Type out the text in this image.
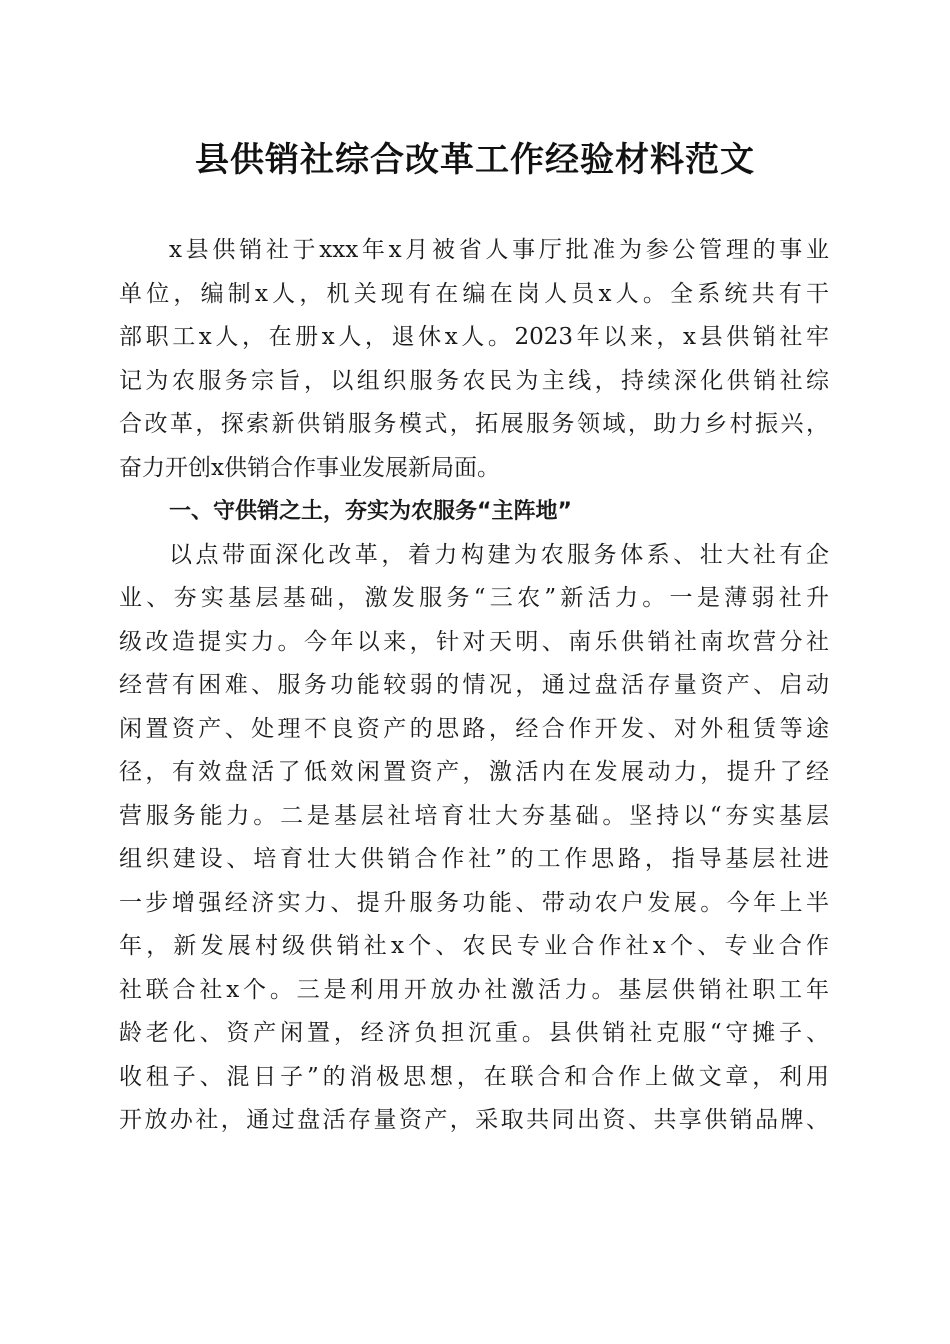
县供销社综合改革工作经验材料范文
x县供销社于xxx年x月被省人事厅批准为参公管理的事业
单位，编制x人，机关现有在编在岗人员x人。全系统共有干
部职工x人，在册x人，退休x人。2023年以来，x县供销社牢
记为农服务宗旨，以组织服务农民为主线，持续深化供销社综
合改革，探索新供销服务模式，拓展服务领域，助力乡村振兴，
奋力开创x供销合作事业发展新局面。
一、守供销之土，夯实为农服务“主阵地”
以点带面深化改革，着力构建为农服务体系、壮大社有企
业、夯实基层基础，激发服务“三农”新活力。一是薄弱社升
级改造提实力。今年以来，针对天明、南乐供销社南坎营分社
经营有困难、服务功能较弱的情况，通过盘活存量资产、启动
闲置资产、处理不良资产的思路，经合作开发、对外租赁等途
径，有效盘活了低效闲置资产，激活内在发展动力，提升了经
营服务能力。二是基层社培育壮大夯基础。坚持以“夯实基层
组织建设、培育壮大供销合作社”的工作思路，指导基层社进
一步增强经济实力、提升服务功能、带动农户发展。今年上半
年，新发展村级供销社x个、农民专业合作社x个、专业合作
社联合社x个。三是利用开放办社激活力。基层供销社职工年
龄老化、资产闲置，经济负担沉重。县供销社克服“守摊子、
收租子、混日子”的消极思想，在联合和合作上做文章，利用
开放办社，通过盘活存量资产，采取共同出资、共享供销品牌、
